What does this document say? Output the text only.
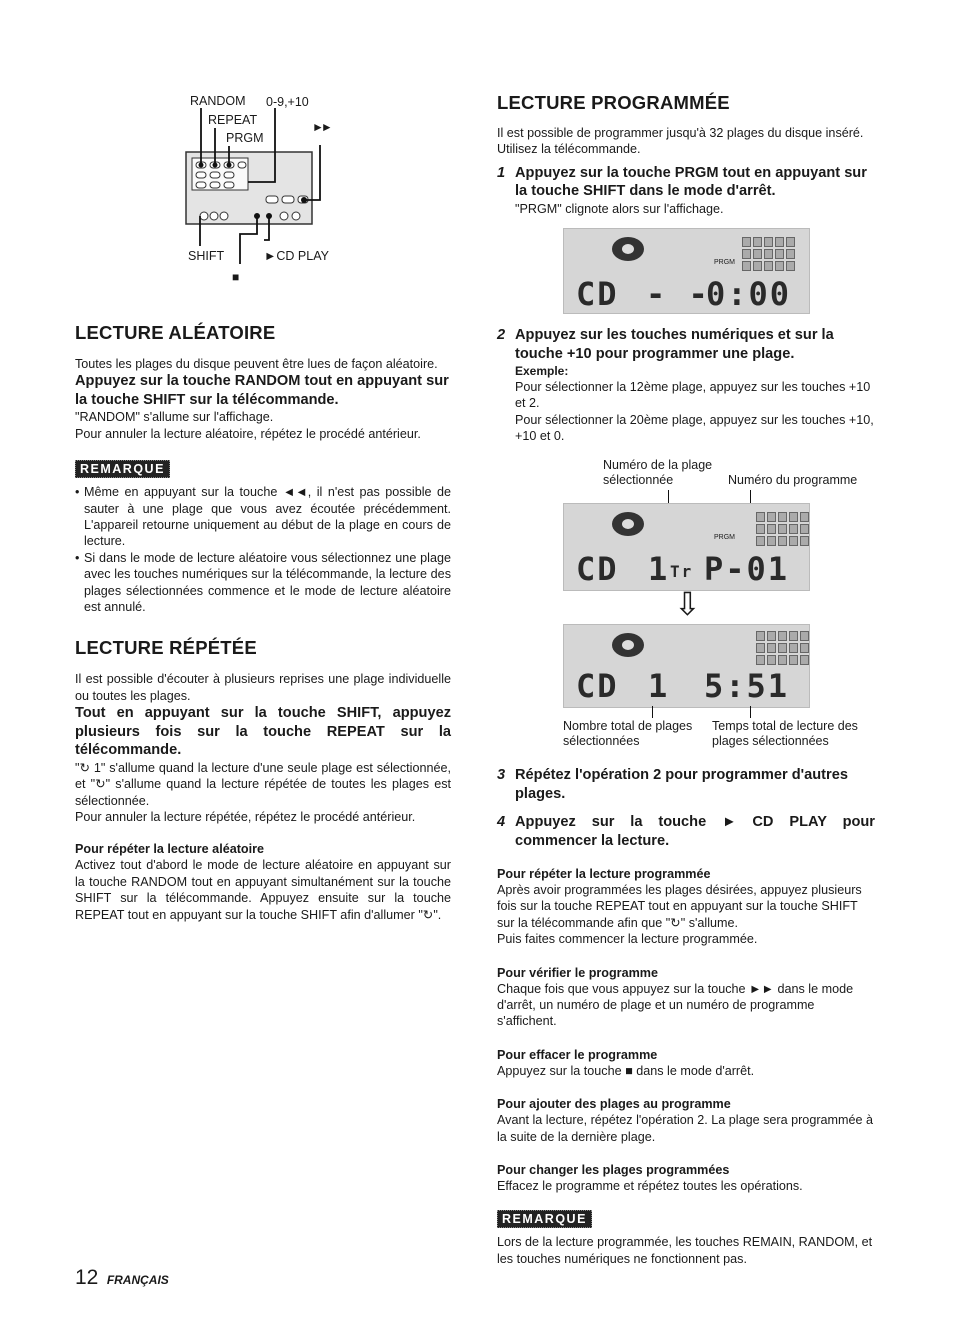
RANDOM 0-9,+10
REPEAT
PRGM
►►
SHIFT	►CD PLAY
■
LECTURE ALÉATOIRE

Toutes les plages du disque peuvent être lues de façon aléatoire.

Appuyez sur la touche RANDOM tout en appuyant sur la touche SHIFT sur la télécommande.

"RANDOM" s'allume sur l'affichage.

Pour annuler la lecture aléatoire, répétez le procédé antérieur.

REMARQUE

• Même en appuyant sur la touche ◄◄, il n'est pas possible de sauter à une plage que vous avez écoutée précédemment. L'appareil retourne uniquement au début de la plage en cours de lecture.

• Si dans le mode de lecture aléatoire vous sélectionnez une plage avec les touches numériques sur la télécommande, la lecture des plages sélectionnées commence et le mode de lecture aléatoire est annulé.

LECTURE RÉPÉTÉE

Il est possible d'écouter à plusieurs reprises une plage individuelle ou toutes les plages.

Tout en appuyant sur la touche SHIFT, appuyez plusieurs fois sur la touche REPEAT sur la télécommande.

"↻ 1" s'allume quand la lecture d'une seule plage est sélectionnée, et "↻" s'allume quand la lecture répétée de toutes les plages est sélectionnée.

Pour annuler la lecture répétée, répétez le procédé antérieur.

Pour répéter la lecture aléatoire

Activez tout d'abord le mode de lecture aléatoire en appuyant sur la touche RANDOM tout en appuyant simultanément sur la touche SHIFT sur la télécommande. Appuyez ensuite sur la touche REPEAT tout en appuyant sur la touche SHIFT afin d'allumer "↻".

LECTURE PROGRAMMÉE

Il est possible de programmer jusqu'à 32 plages du disque inséré.

Utilisez la télécommande.

1 Appuyez sur la touche PRGM tout en appuyant sur la touche SHIFT dans le mode d'arrêt.

"PRGM" clignote alors sur l'affichage.

PRGM
CD - -
0:00
2 Appuyez sur les touches numériques et sur la touche +10 pour programmer une plage.

Exemple:

Pour sélectionner la 12ème plage, appuyez sur les touches +10 et 2.

Pour sélectionner la 20ème plage, appuyez sur les touches +10, +10 et 0.

Numéro de la plage sélectionnée	Numéro du programme
PRGM
CD 1 Tr P-01
⇩
CD 1 5:51
Nombre total de plages sélectionnées
Temps total de lecture des plages sélectionnées
3 Répétez l'opération 2 pour programmer d'autres plages.
4 Appuyez sur la touche ► CD PLAY pour commencer la lecture.

Pour répéter la lecture programmée

Après avoir programmées les plages désirées, appuyez plusieurs fois sur la touche REPEAT tout en appuyant sur la touche SHIFT sur la télécommande afin que "↻" s'allume.

Puis faites commencer la lecture programmée.

Pour vérifier le programme

Chaque fois que vous appuyez sur la touche ►► dans le mode d'arrêt, un numéro de plage et un numéro de programme s'affichent.

Pour effacer le programme

Appuyez sur la touche ■ dans le mode d'arrêt.

Pour ajouter des plages au programme

Avant la lecture, répétez l'opération 2. La plage sera programmée à la suite de la dernière plage.

Pour changer les plages programmées

Effacez le programme et répétez toutes les opérations.

REMARQUE

Lors de la lecture programmée, les touches REMAIN, RANDOM, et les touches numériques ne fonctionnent pas.

12 FRANÇAIS
